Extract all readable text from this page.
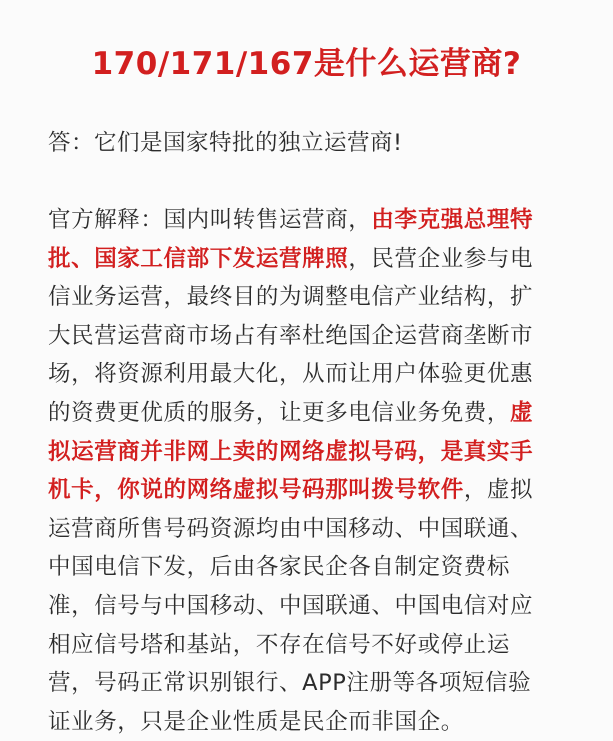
170/171/167是什么运营商?
答：它们是国家特批的独立运营商!
官方解释：国内叫转售运营商，由李克强总理特
批、国家工信部下发运营牌照，民营企业参与电
信业务运营，最终目的为调整电信产业结构，扩
大民营运营商市场占有率杜绝国企运营商垄断市
场，将资源利用最大化，从而让用户体验更优惠
的资费更优质的服务，让更多电信业务免费，虚
拟运营商并非网上卖的网络虚拟号码，是真实手
机卡，你说的网络虚拟号码那叫拨号软件，虚拟
运营商所售号码资源均由中国移动、中国联通、
中国电信下发，后由各家民企各自制定资费标
准，信号与中国移动、中国联通、中国电信对应
相应信号塔和基站，不存在信号不好或停止运
营，号码正常识别银行、APP注册等各项短信验
证业务，只是企业性质是民企而非国企。
